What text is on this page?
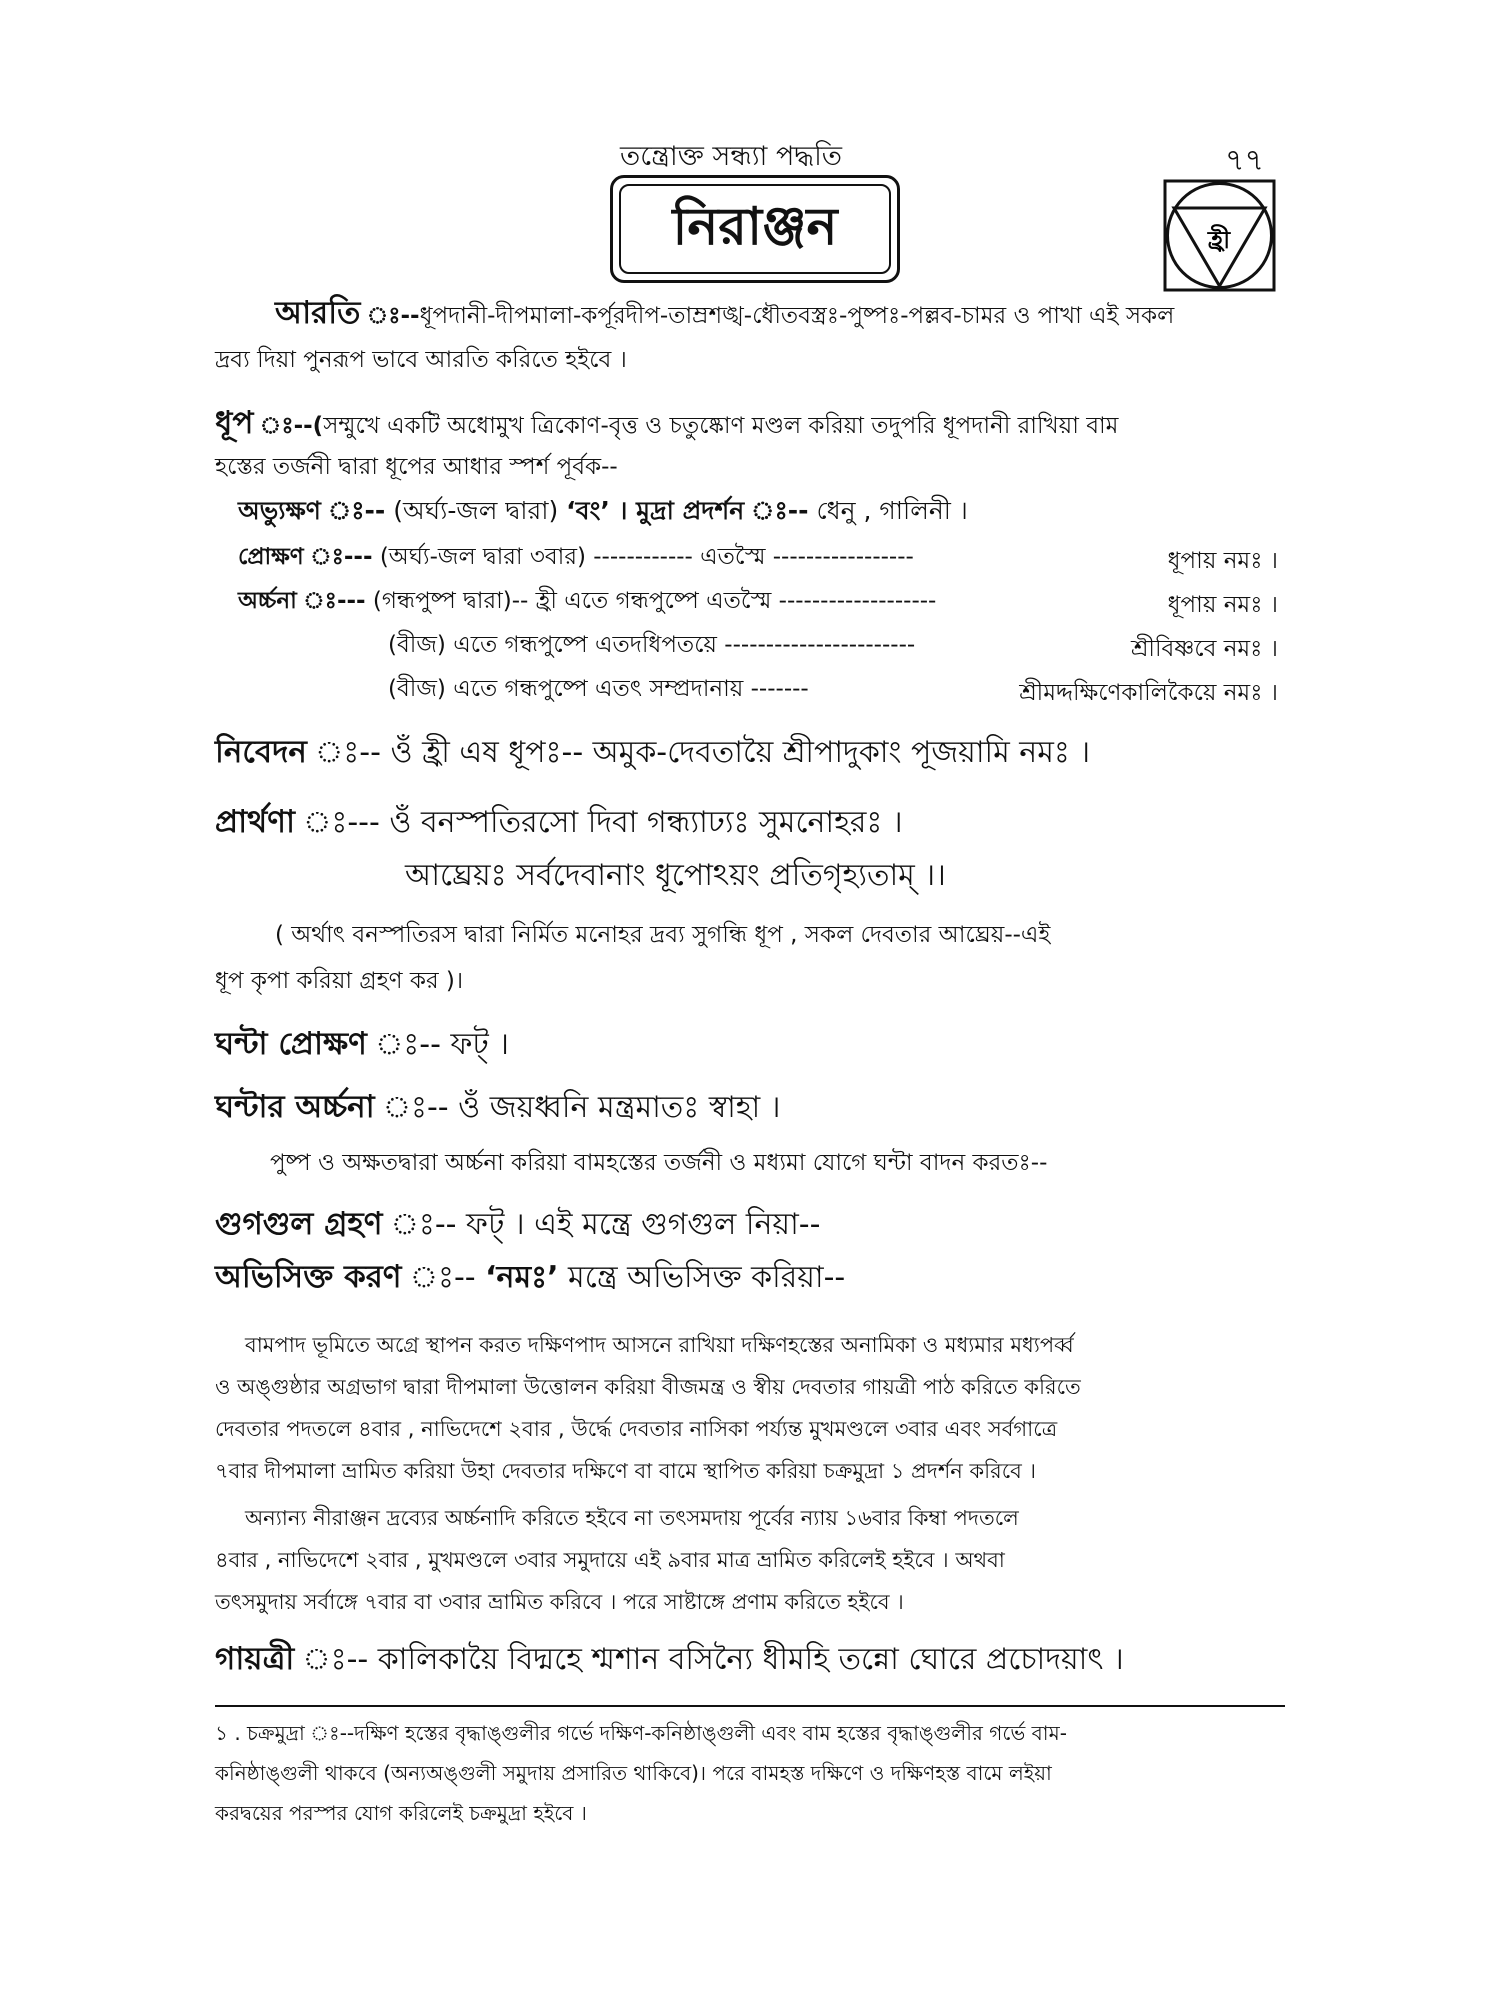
তন্ত্রোক্ত সন্ধ্যা পদ্ধতি	৭৭
নিরাঞ্জন	হ্রী
আরতি ঃ--ধূপদানী-দীপমালা-কর্পূরদীপ-তাম্রশঙ্খ-ধৌতবস্ত্রঃ-পুষ্পঃ-পল্লব-চামর ও পাখা এই সকল
দ্রব্য দিয়া পুনরূপ ভাবে আরতি করিতে হইবে ।
ধূপ ঃ--(সম্মুখে একটি অধোমুখ ত্রিকোণ-বৃত্ত ও চতুষ্কোণ মণ্ডল করিয়া তদুপরি ধূপদানী রাখিয়া বাম
হস্তের তর্জনী দ্বারা ধূপের আধার স্পর্শ পূর্বক--
অভ্যুক্ষণ ঃ-- (অর্ঘ্য-জল দ্বারা) ‘বং’ । মুদ্রা প্রদর্শন ঃ-- ধেনু , গালিনী ।
প্রোক্ষণ ঃ--- (অর্ঘ্য-জল দ্বারা ৩বার) ------------ এতস্মৈ -----------------	ধূপায় নমঃ ।
অর্চ্চনা ঃ--- (গন্ধপুষ্প দ্বারা)-- হ্রী এতে গন্ধপুষ্পে এতস্মৈ -------------------	ধূপায় নমঃ ।
(বীজ) এতে গন্ধপুষ্পে এতদধিপতয়ে -----------------------	শ্রীবিষ্ণবে নমঃ ।
(বীজ) এতে গন্ধপুষ্পে এতৎ সম্প্রদানায় -------	শ্রীমদ্দক্ষিণেকালিকৈয়ে নমঃ ।
নিবেদন ঃ-- ওঁ হ্রী এষ ধূপঃ-- অমুক-দেবতায়ৈ শ্রীপাদুকাং পূজয়ামি নমঃ ।
প্রার্থণা ঃ--- ওঁ বনস্পতিরসো দিবা গন্ধ্যাঢ্যঃ সুমনোহরঃ ।
আঘ্রেয়ঃ সর্বদেবানাং ধূপোঽয়ং প্রতিগৃহ্যতাম্ ।।
( অর্থাৎ বনস্পতিরস দ্বারা নির্মিত মনোহর দ্রব্য সুগন্ধি ধূপ , সকল দেবতার আঘ্রেয়--এই
ধূপ কৃপা করিয়া গ্রহণ কর )।
ঘন্টা প্রোক্ষণ ঃ-- ফট্ ।
ঘন্টার অর্চ্চনা ঃ-- ওঁ জয়ধ্বনি মন্ত্রমাতঃ স্বাহা ।
পুষ্প ও অক্ষতদ্বারা অর্চ্চনা করিয়া বামহস্তের তর্জনী ও মধ্যমা যোগে ঘন্টা বাদন করতঃ--
গুগগুল গ্রহণ ঃ-- ফট্ । এই মন্ত্রে গুগগুল নিয়া--
অভিসিক্ত করণ ঃ-- ‘নমঃ’ মন্ত্রে অভিসিক্ত করিয়া--
বামপাদ ভূমিতে অগ্রে স্থাপন করত দক্ষিণপাদ আসনে রাখিয়া দক্ষিণহস্তের অনামিকা ও মধ্যমার মধ্যপর্ব্ব
ও অঙ্গুষ্ঠার অগ্রভাগ দ্বারা দীপমালা উত্তোলন করিয়া বীজমন্ত্র ও স্বীয় দেবতার গায়ত্রী পাঠ করিতে করিতে
দেবতার পদতলে ৪বার , নাভিদেশে ২বার , উর্দ্ধে দেবতার নাসিকা পর্য্যন্ত মুখমণ্ডলে ৩বার এবং সর্বগাত্রে
৭বার দীপমালা ভ্রামিত করিয়া উহা দেবতার দক্ষিণে বা বামে স্থাপিত করিয়া চক্রমুদ্রা ১ প্রদর্শন করিবে ।
অন্যান্য নীরাঞ্জন দ্রব্যের অর্চ্চনাদি করিতে হইবে না তৎসমদায় পূর্বের ন্যায় ১৬বার কিম্বা পদতলে
৪বার , নাভিদেশে ২বার , মুখমণ্ডলে ৩বার সমুদায়ে এই ৯বার মাত্র ভ্রামিত করিলেই হইবে । অথবা
তৎসমুদায় সর্বাঙ্গে ৭বার বা ৩বার ভ্রামিত করিবে । পরে সাষ্টাঙ্গে প্রণাম করিতে হইবে ।
গায়ত্রী ঃ-- কালিকায়ৈ বিদ্মহে শ্মশান বসিন্যৈ ধীমহি তন্নো ঘোরে প্রচোদয়াৎ ।
১ . চক্রমুদ্রা ঃ--দক্ষিণ হস্তের বৃদ্ধাঙ্গুলীর গর্ভে দক্ষিণ-কনিষ্ঠাঙ্গুলী এবং বাম হস্তের বৃদ্ধাঙ্গুলীর গর্ভে বাম-
কনিষ্ঠাঙ্গুলী থাকবে (অন্যঅঙ্গুলী সমুদায় প্রসারিত থাকিবে)। পরে বামহস্ত দক্ষিণে ও দক্ষিণহস্ত বামে লইয়া
করদ্বয়ের পরস্পর যোগ করিলেই চক্রমুদ্রা হইবে ।
